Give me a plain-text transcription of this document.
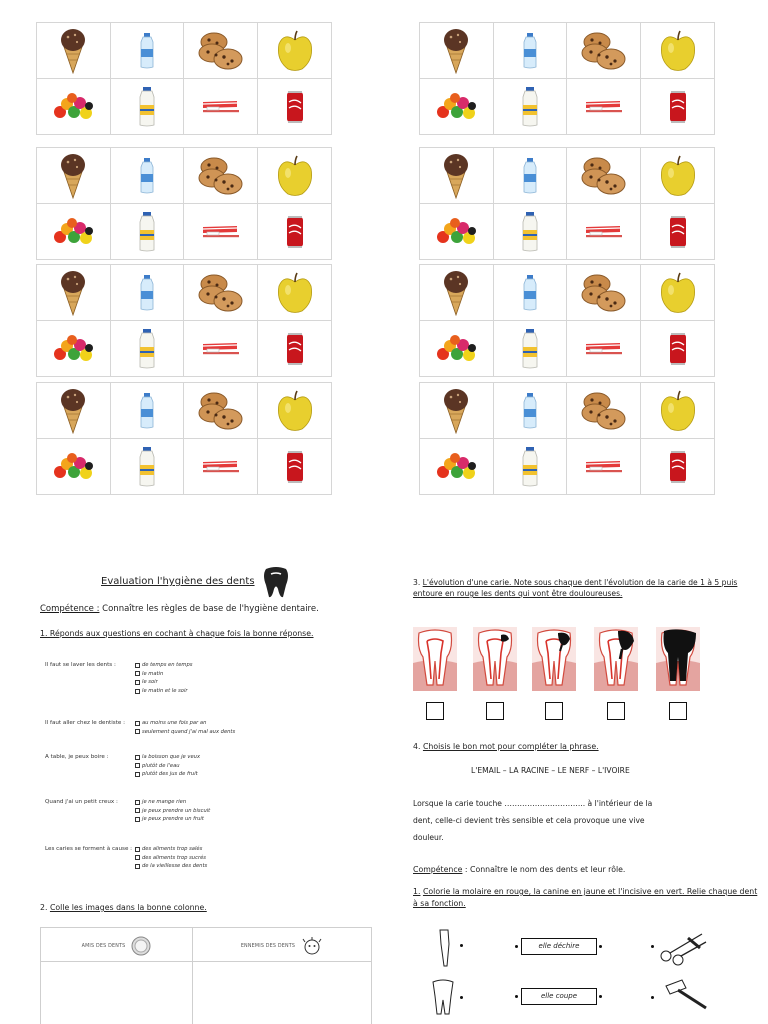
Evaluation l'hygiène des dents
Compétence : Connaître les règles de base de l'hygiène dentaire.
1. Réponds aux questions en cochant à chaque fois la bonne réponse.
Il faut se laver les dents :	de temps en temps
le matin
le soir
le matin et le soir
Il faut aller chez le dentiste :	au moins une fois par an
seulement quand j'ai mal aux dents
A table, je peux boire :	la boisson que je veux
plutôt de l'eau
plutôt des jus de fruit
Quand j'ai un petit creux :	je ne mange rien
je peux prendre un biscuit
je peux prendre un fruit
Les caries se forment à cause : des aliments trop salés
des aliments trop sucrés
de la vieillesse des dents
2. Colle les images dans la bonne colonne.
AMIS DES DENTS	ENNEMIS DES DENTS

3. L'évolution d'une carie. Note sous chaque dent l'évolution de la carie de 1 à 5 puis entoure en rouge les dents qui vont être douloureuses.
4. Choisis le bon mot pour compléter la phrase.
L'EMAIL – LA RACINE – LE NERF – L'IVOIRE
Lorsque la carie touche ………………………….. à l'intérieur de la
dent, celle-ci devient très sensible et cela provoque une vive
douleur.
Compétence : Connaître le nom des dents et leur rôle.
1. Colorie la molaire en rouge, la canine en jaune et l'incisive en vert. Relie chaque dent à sa fonction.
elle déchire
elle coupe
